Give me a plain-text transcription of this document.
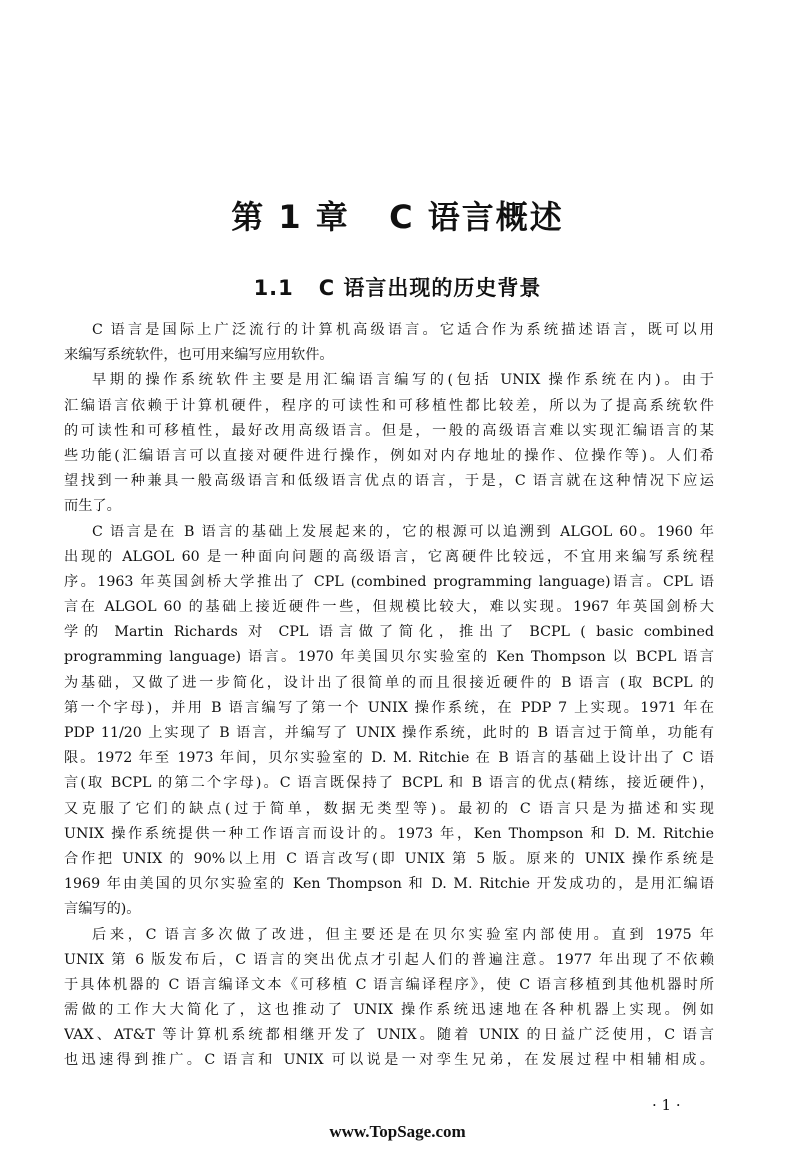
第 1 章   C 语言概述
1.1   C 语言出现的历史背景
C 语言是国际上广泛流行的计算机高级语言。它适合作为系统描述语言，既可以用
来编写系统软件，也可用来编写应用软件。
早期的操作系统软件主要是用汇编语言编写的(包括 UNIX 操作系统在内)。由于
汇编语言依赖于计算机硬件，程序的可读性和可移植性都比较差，所以为了提高系统软件
的可读性和可移植性，最好改用高级语言。但是，一般的高级语言难以实现汇编语言的某
些功能(汇编语言可以直接对硬件进行操作，例如对内存地址的操作、位操作等)。人们希
望找到一种兼具一般高级语言和低级语言优点的语言，于是，C 语言就在这种情况下应运
而生了。
C 语言是在 B 语言的基础上发展起来的，它的根源可以追溯到 ALGOL 60。1960 年
出现的 ALGOL 60 是一种面向问题的高级语言，它离硬件比较远，不宜用来编写系统程
序。1963 年英国剑桥大学推出了 CPL (combined programming language)语言。CPL 语
言在 ALGOL 60 的基础上接近硬件一些，但规模比较大，难以实现。1967 年英国剑桥大
学的 Martin Richards 对 CPL 语言做了简化，推出了 BCPL ( basic combined
programming language) 语言。1970 年美国贝尔实验室的 Ken Thompson 以 BCPL 语言
为基础，又做了进一步简化，设计出了很简单的而且很接近硬件的 B 语言 (取 BCPL 的
第一个字母)，并用 B 语言编写了第一个 UNIX 操作系统，在 PDP 7 上实现。1971 年在
PDP 11/20 上实现了 B 语言，并编写了 UNIX 操作系统，此时的 B 语言过于简单，功能有
限。1972 年至 1973 年间，贝尔实验室的 D. M. Ritchie 在 B 语言的基础上设计出了 C 语
言(取 BCPL 的第二个字母)。C 语言既保持了 BCPL 和 B 语言的优点(精练，接近硬件)，
又克服了它们的缺点(过于简单，数据无类型等)。最初的 C 语言只是为描述和实现
UNIX 操作系统提供一种工作语言而设计的。1973 年，Ken Thompson 和 D. M. Ritchie
合作把 UNIX 的 90%以上用 C 语言改写(即 UNIX 第 5 版。原来的 UNIX 操作系统是
1969 年由美国的贝尔实验室的 Ken Thompson 和 D. M. Ritchie 开发成功的，是用汇编语
言编写的)。
后来，C 语言多次做了改进，但主要还是在贝尔实验室内部使用。直到 1975 年
UNIX 第 6 版发布后，C 语言的突出优点才引起人们的普遍注意。1977 年出现了不依赖
于具体机器的 C 语言编译文本《可移植 C 语言编译程序》，使 C 语言移植到其他机器时所
需做的工作大大简化了，这也推动了 UNIX 操作系统迅速地在各种机器上实现。例如
VAX、AT&T 等计算机系统都相继开发了 UNIX。随着 UNIX 的日益广泛使用，C 语言
也迅速得到推广。C 语言和 UNIX 可以说是一对孪生兄弟，在发展过程中相辅相成。
· 1 ·
www.TopSage.com
